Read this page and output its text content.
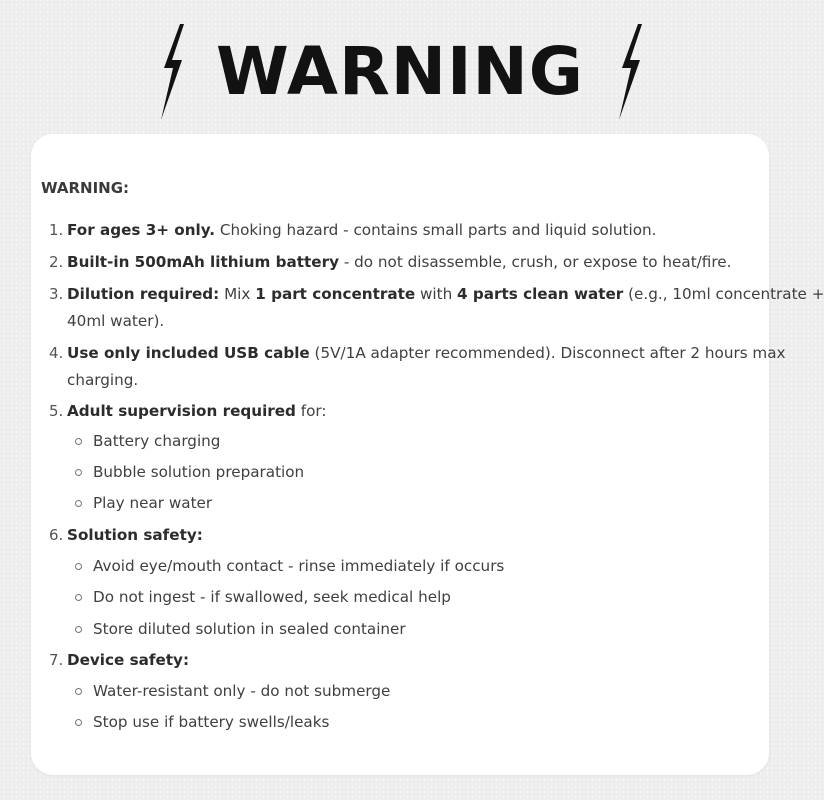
WARNING
WARNING:
1. For ages 3+ only. Choking hazard - contains small parts and liquid solution.
2. Built-in 500mAh lithium battery - do not disassemble, crush, or expose to heat/fire.
3. Dilution required: Mix 1 part concentrate with 4 parts clean water (e.g., 10ml concentrate +
40ml water).
4. Use only included USB cable (5V/1A adapter recommended). Disconnect after 2 hours max
charging.
5. Adult supervision required for:
Battery charging
Bubble solution preparation
Play near water
6. Solution safety:
Avoid eye/mouth contact - rinse immediately if occurs
Do not ingest - if swallowed, seek medical help
Store diluted solution in sealed container
7. Device safety:
Water-resistant only - do not submerge
Stop use if battery swells/leaks
